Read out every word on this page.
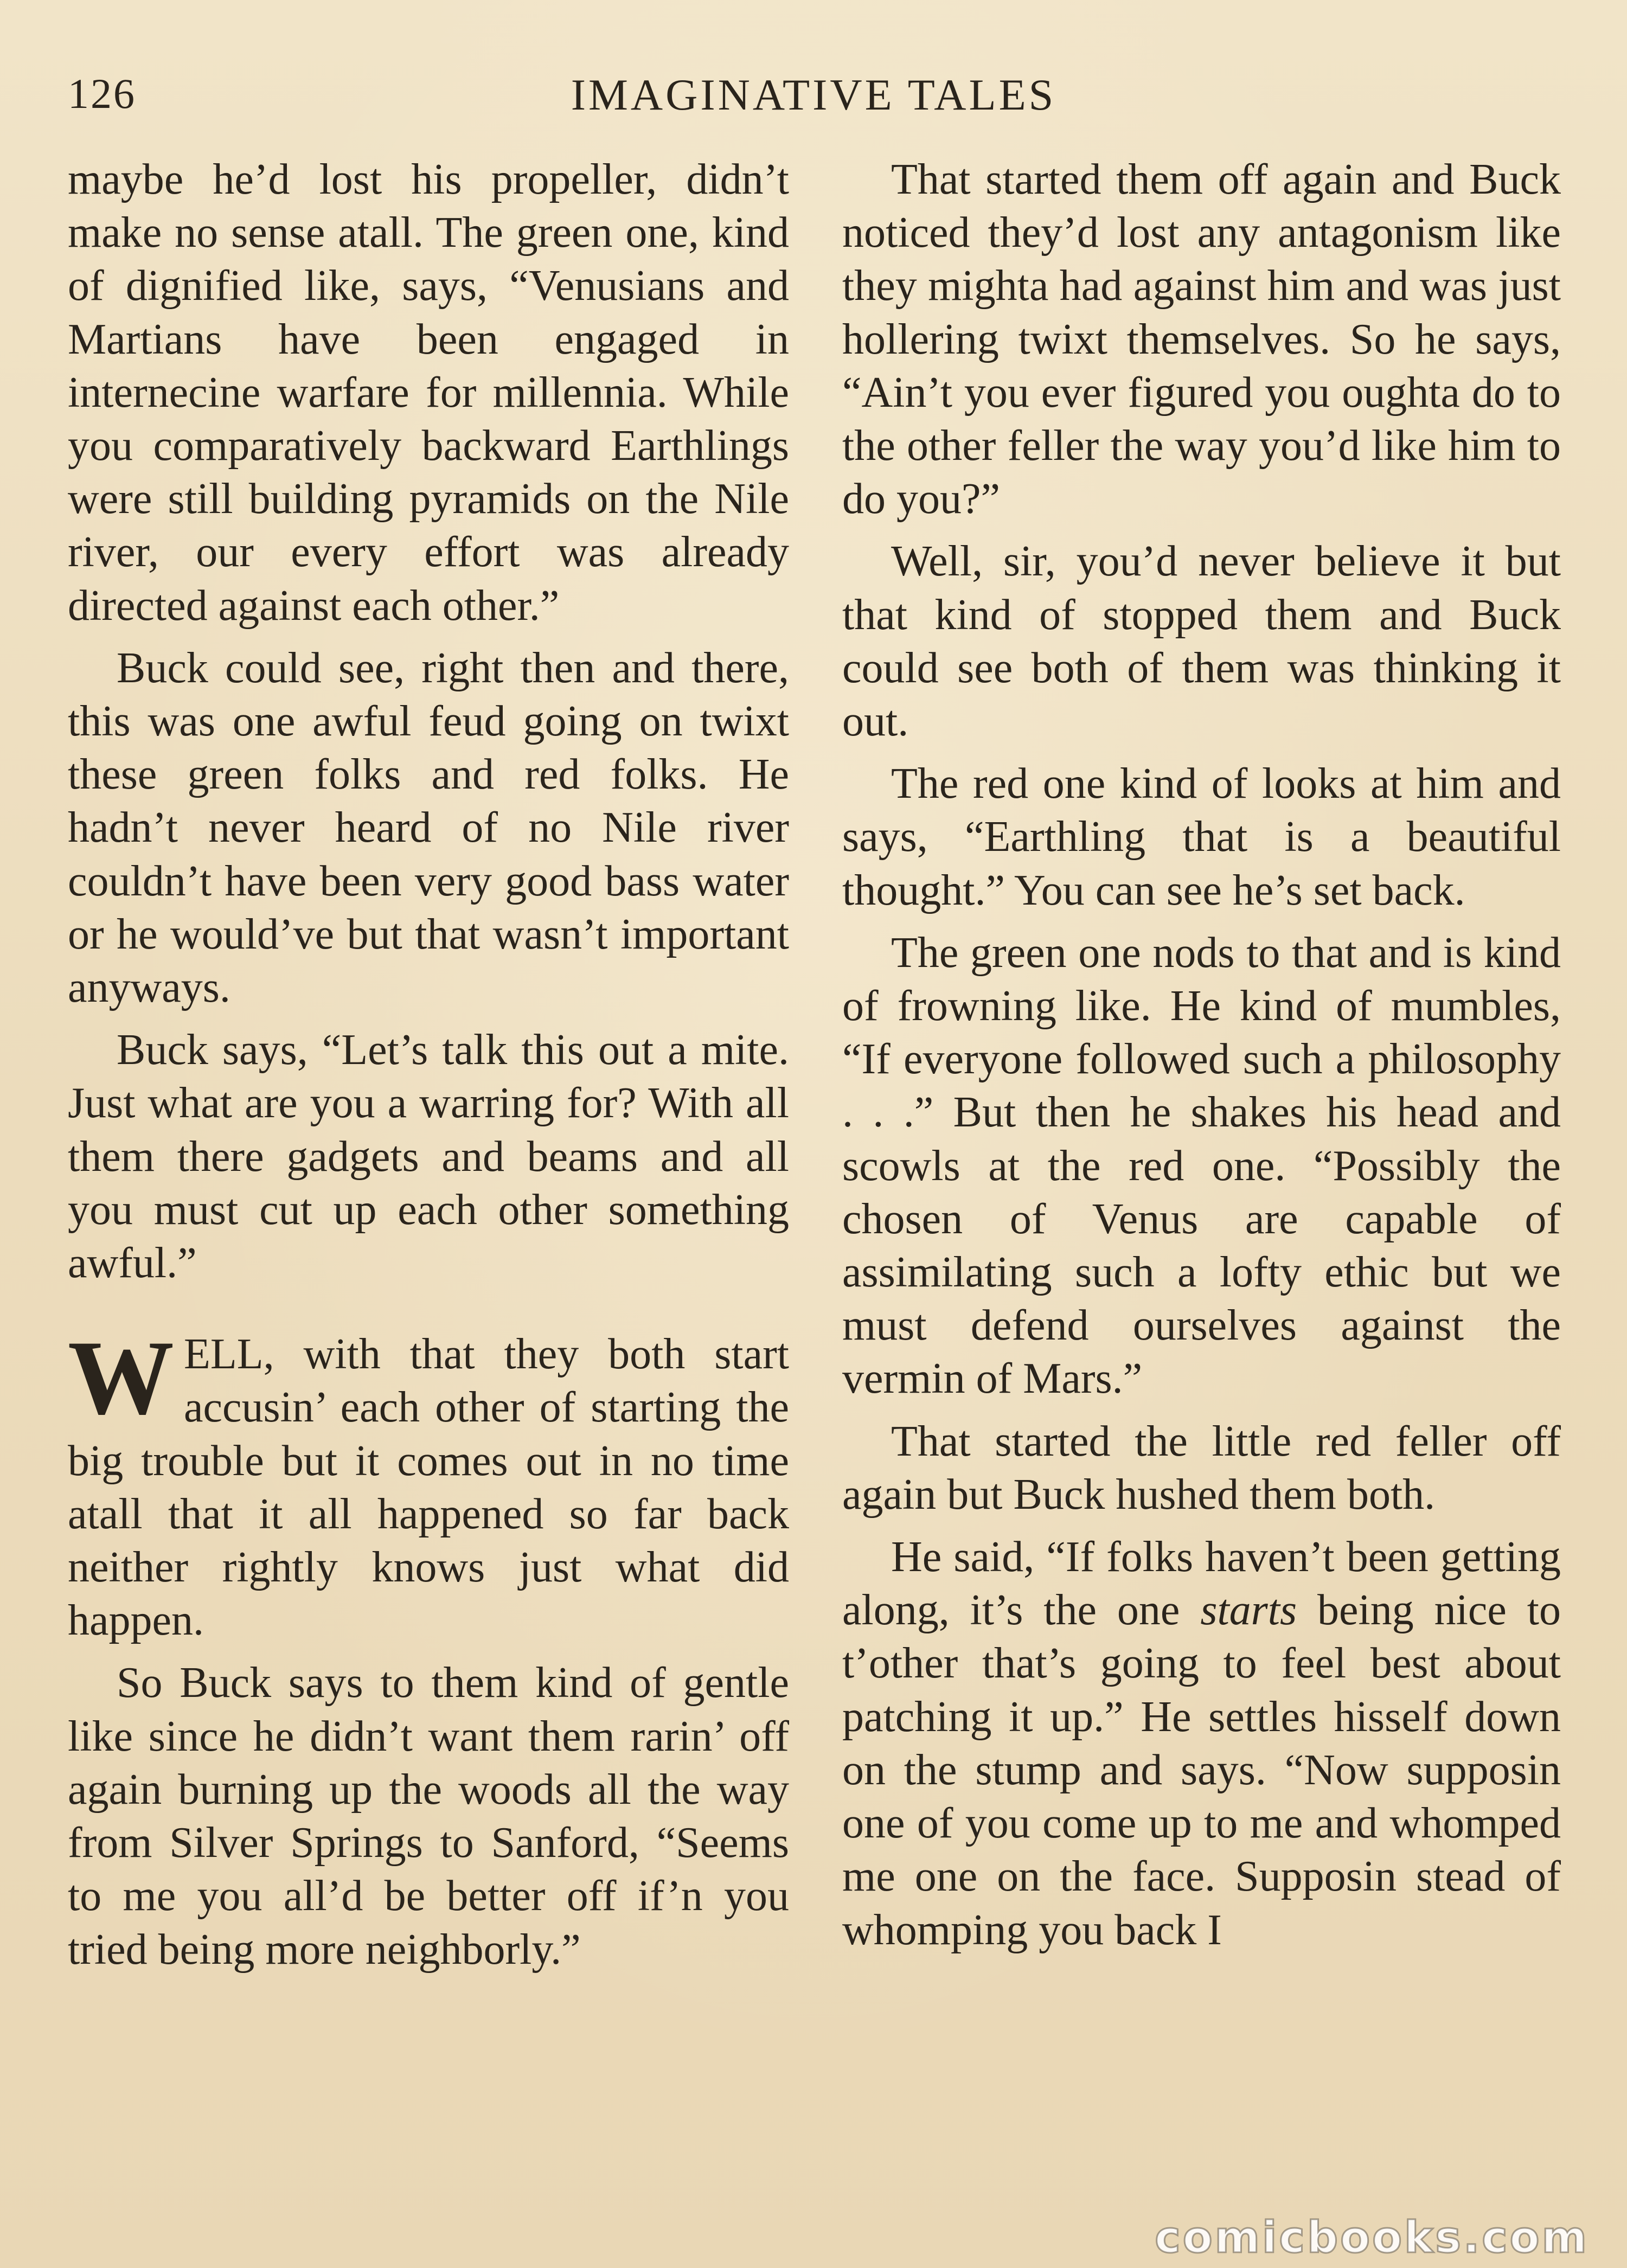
126	IMAGINATIVE TALES

maybe he’d lost his propeller, didn’t make no sense atall. The green one, kind of dignified like, says, “Venusians and Martians have been engaged in internecine warfare for millennia. While you comparatively backward Earthlings were still building pyramids on the Nile river, our every effort was already directed against each other.”

Buck could see, right then and there, this was one awful feud going on twixt these green folks and red folks. He hadn’t never heard of no Nile river couldn’t have been very good bass water or he would’ve but that wasn’t important anyways.

Buck says, “Let’s talk this out a mite. Just what are you a warring for? With all them there gadgets and beams and all you must cut up each other something awful.”

WELL, with that they both start accusin’ each other of starting the big trouble but it comes out in no time atall that it all happened so far back neither rightly knows just what did happen.

So Buck says to them kind of gentle like since he didn’t want them rarin’ off again burning up the woods all the way from Silver Springs to Sanford, “Seems to me you all’d be better off if’n you tried being more neighborly.”

That started them off again and Buck noticed they’d lost any antagonism like they mighta had against him and was just hollering twixt themselves. So he says, “Ain’t you ever figured you oughta do to the other feller the way you’d like him to do you?”

Well, sir, you’d never believe it but that kind of stopped them and Buck could see both of them was thinking it out.

The red one kind of looks at him and says, “Earthling that is a beautiful thought.” You can see he’s set back.

The green one nods to that and is kind of frowning like. He kind of mumbles, “If everyone followed such a philosophy . . .” But then he shakes his head and scowls at the red one. “Possibly the chosen of Venus are capable of assimilating such a lofty ethic but we must defend ourselves against the vermin of Mars.”

That started the little red feller off again but Buck hushed them both.

He said, “If folks haven’t been getting along, it’s the one starts being nice to t’other that’s going to feel best about patching it up.” He settles hisself down on the stump and says. “Now supposin one of you come up to me and whomped me one on the face. Supposin stead of whomping you back I

comicbooks.com
